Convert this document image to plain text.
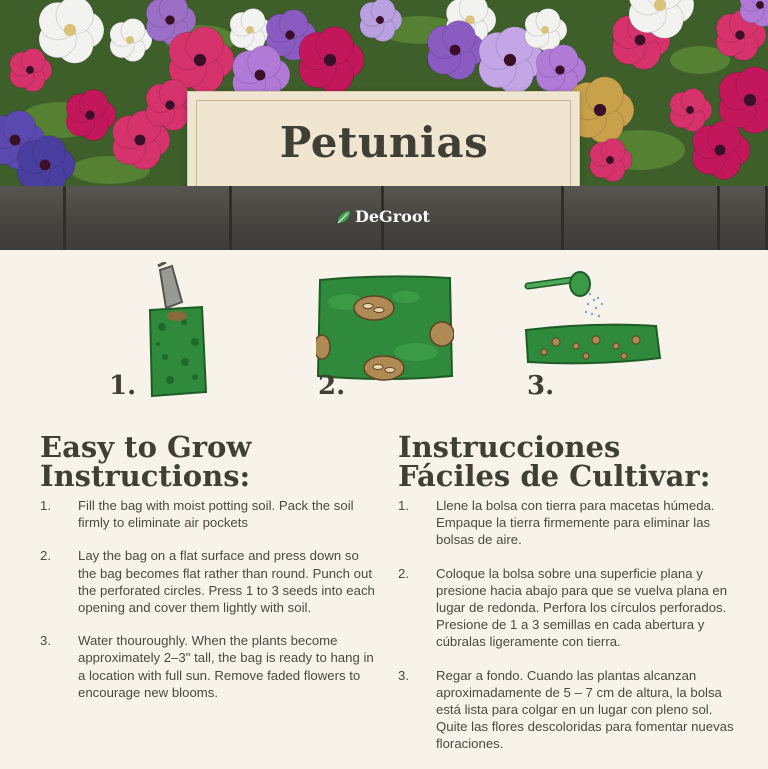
Petunias
DeGroot
1.	2.	3.
Easy to Grow
Instructions:
1. Fill the bag with moist potting soil. Pack the soil firmly to eliminate air pockets
2. Lay the bag on a flat surface and press down so the bag becomes flat rather than round. Punch out the perforated circles. Press 1 to 3 seeds into each opening and cover them lightly with soil.
3. Water thouroughly. When the plants become approximately 2–3" tall, the bag is ready to hang in a location with full sun. Remove faded flowers to encourage new blooms.
Instrucciones
Fáciles de Cultivar:
1. Llene la bolsa con tierra para macetas húmeda. Empaque la tierra firmemente para eliminar las bolsas de aire.
2. Coloque la bolsa sobre una superficie plana y presione hacia abajo para que se vuelva plana en lugar de redonda. Perfora los círculos perforados. Presione de 1 a 3 semillas en cada abertura y cúbralas ligeramente con tierra.
3. Regar a fondo. Cuando las plantas alcanzan aproximadamente de 5 – 7 cm de altura, la bolsa está lista para colgar en un lugar con pleno sol. Quite las flores descoloridas para fomentar nuevas floraciones.
